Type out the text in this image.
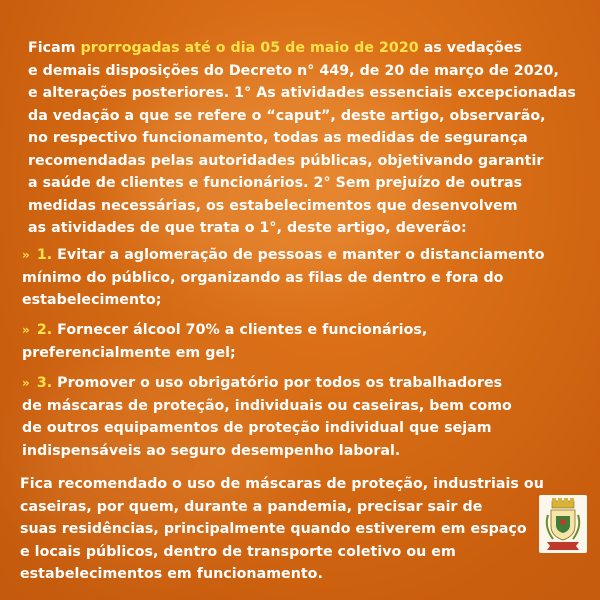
Ficam prorrogadas até o dia 05 de maio de 2020 as vedações
e demais disposições do Decreto n° 449, de 20 de março de 2020,
e alterações posteriores. 1° As atividades essenciais excepcionadas
da vedação a que se refere o “caput”, deste artigo, observarão,
no respectivo funcionamento, todas as medidas de segurança
recomendadas pelas autoridades públicas, objetivando garantir
a saúde de clientes e funcionários. 2° Sem prejuízo de outras
medidas necessárias, os estabelecimentos que desenvolvem
as atividades de que trata o 1°, deste artigo, deverão:

» 1. Evitar a aglomeração de pessoas e manter o distanciamento
mínimo do público, organizando as filas de dentro e fora do
estabelecimento;

» 2. Fornecer álcool 70% a clientes e funcionários,
preferencialmente em gel;

» 3. Promover o uso obrigatório por todos os trabalhadores
de máscaras de proteção, individuais ou caseiras, bem como
de outros equipamentos de proteção individual que sejam
indispensáveis ao seguro desempenho laboral.

Fica recomendado o uso de máscaras de proteção, industriais ou
caseiras, por quem, durante a pandemia, precisar sair de
suas residências, principalmente quando estiverem em espaço
e locais públicos, dentro de transporte coletivo ou em
estabelecimentos em funcionamento.
